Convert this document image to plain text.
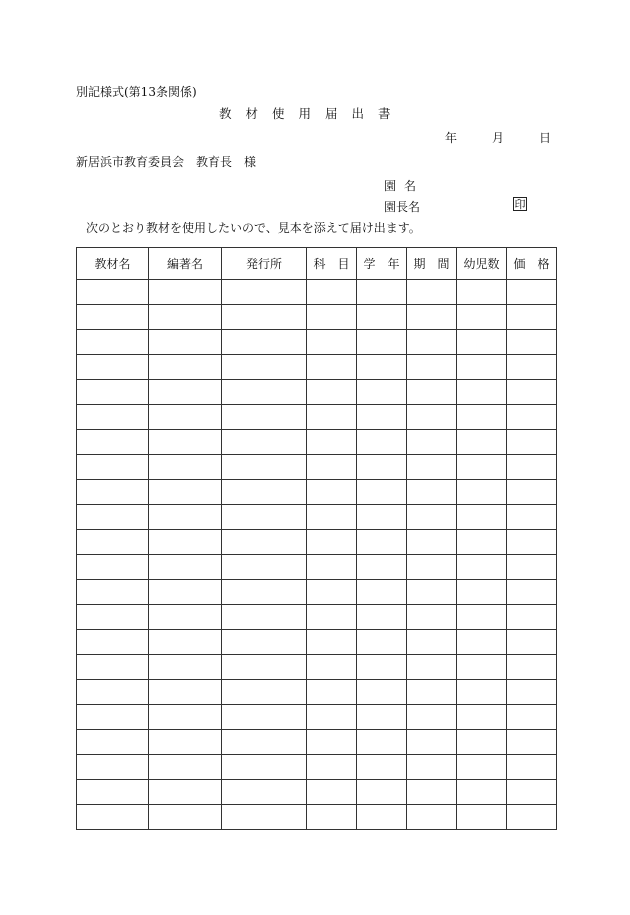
別記様式(第13条関係)
教材使用届出書
年	月	日
新居浜市教育委員会　教育長　様
園名
園長名	印
次のとおり教材を使用したいので、見本を添えて届け出ます。
教材名	編著名	発行所	科　目	学　年	期　間	幼児数	価　格
